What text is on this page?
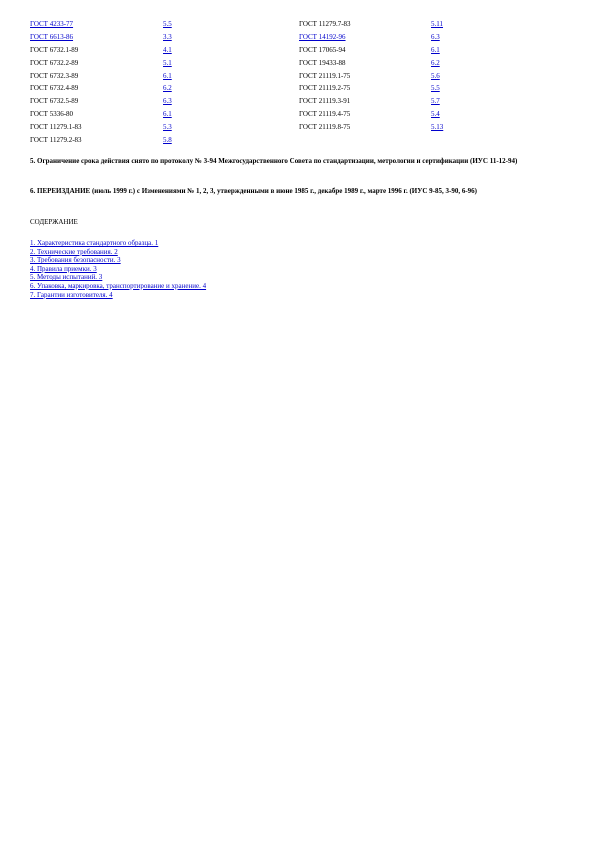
ГОСТ 4233-77	5.5	ГОСТ 11279.7-83	5.11
ГОСТ 6613-86	3.3	ГОСТ 14192-96	6.3
ГОСТ 6732.1-89	4.1	ГОСТ 17065-94	6.1
ГОСТ 6732.2-89	5.1	ГОСТ 19433-88	6.2
ГОСТ 6732.3-89	6.1	ГОСТ 21119.1-75	5.6
ГОСТ 6732.4-89	6.2	ГОСТ 21119.2-75	5.5
ГОСТ 6732.5-89	6.3	ГОСТ 21119.3-91	5.7
ГОСТ 5336-80	6.1	ГОСТ 21119.4-75	5.4
ГОСТ 11279.1-83	5.3	ГОСТ 21119.8-75	5.13
ГОСТ 11279.2-83	5.8		

5. Ограничение срока действия снято по протоколу № 3-94 Межгосударственного Совета по стандартизации, метрологии и сертификации (ИУС 11-12-94)

6. ПЕРЕИЗДАНИЕ (июль 1999 г.) с Изменениями № 1, 2, 3, утвержденными в июне 1985 г., декабре 1989 г., марте 1996 г. (ИУС 9-85, 3-90, 6-96)

СОДЕРЖАНИЕ

1. Характеристика стандартного образца. 1
2. Технические требования. 2
3. Требования безопасности. 3
4. Правила приемки. 3
5. Методы испытаний. 3
6. Упаковка, маркировка, транспортирование и хранение. 4
7. Гарантии изготовителя. 4
